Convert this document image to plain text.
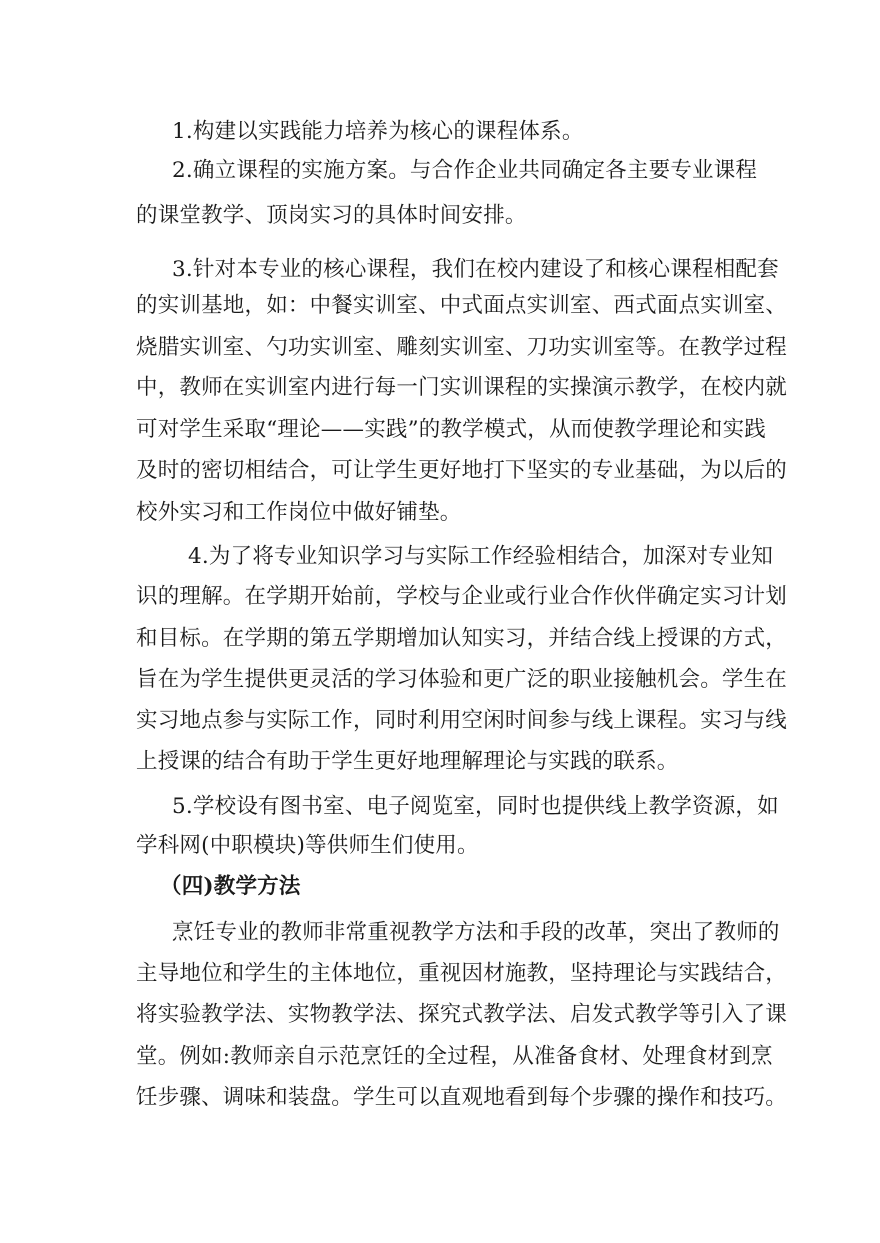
1.构建以实践能力培养为核心的课程体系。
2.确立课程的实施方案。与合作企业共同确定各主要专业课程
的课堂教学、顶岗实习的具体时间安排。
3.针对本专业的核心课程，我们在校内建设了和核心课程相配套
的实训基地，如：中餐实训室、中式面点实训室、西式面点实训室、
烧腊实训室、勺功实训室、雕刻实训室、刀功实训室等。在教学过程
中，教师在实训室内进行每一门实训课程的实操演示教学，在校内就
可对学生采取“理论——实践”的教学模式，从而使教学理论和实践
及时的密切相结合，可让学生更好地打下坚实的专业基础，为以后的
校外实习和工作岗位中做好铺垫。
4.为了将专业知识学习与实际工作经验相结合，加深对专业知
识的理解。在学期开始前，学校与企业或行业合作伙伴确定实习计划
和目标。在学期的第五学期增加认知实习，并结合线上授课的方式，
旨在为学生提供更灵活的学习体验和更广泛的职业接触机会。学生在
实习地点参与实际工作，同时利用空闲时间参与线上课程。实习与线
上授课的结合有助于学生更好地理解理论与实践的联系。
5.学校设有图书室、电子阅览室，同时也提供线上教学资源，如
学科网(中职模块)等供师生们使用。
（四)教学方法
烹饪专业的教师非常重视教学方法和手段的改革，突出了教师的
主导地位和学生的主体地位，重视因材施教，坚持理论与实践结合，
将实验教学法、实物教学法、探究式教学法、启发式教学等引入了课
堂。例如:教师亲自示范烹饪的全过程，从准备食材、处理食材到烹
饪步骤、调味和装盘。学生可以直观地看到每个步骤的操作和技巧。
